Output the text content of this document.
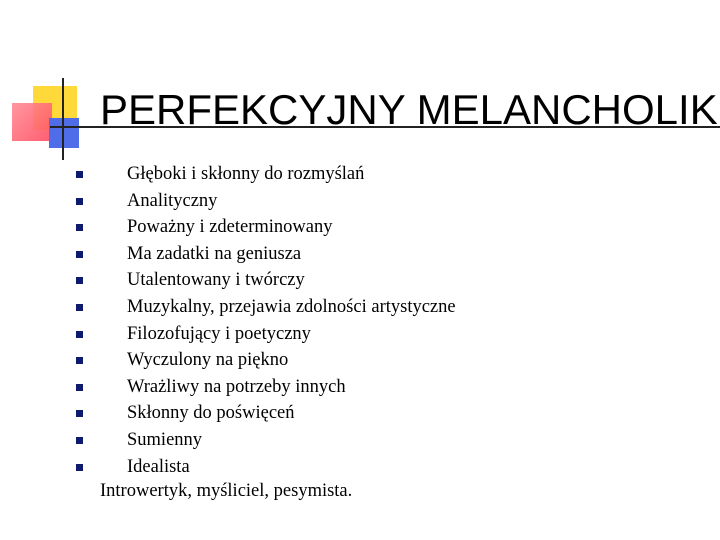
PERFEKCYJNY MELANCHOLIK
Głęboki i skłonny do rozmyślań
Analityczny
Poważny i zdeterminowany
Ma zadatki na geniusza
Utalentowany i twórczy
Muzykalny, przejawia zdolności artystyczne
Filozofujący i poetyczny
Wyczulony na piękno
Wrażliwy na potrzeby innych
Skłonny do poświęceń
Sumienny
Idealista
Introwertyk, myśliciel, pesymista.
